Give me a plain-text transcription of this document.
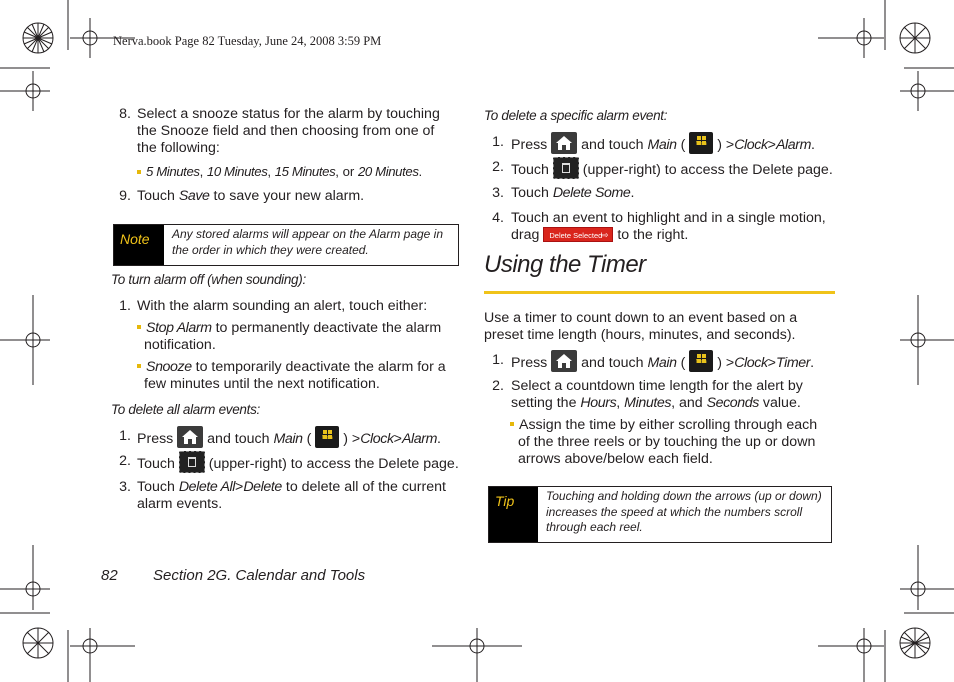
Nerva.book Page 82 Tuesday, June 24, 2008 3:59 PM
8. Select a snooze status for the alarm by touching
the Snooze field and then choosing from one of
the following:
5 Minutes, 10 Minutes, 15 Minutes, or 20 Minutes.
9. Touch Save to save your new alarm.
Note	Any stored alarms will appear on the Alarm page in
the order in which they were created.
To turn alarm off (when sounding):
1. With the alarm sounding an alert, touch either:
Stop Alarm to permanently deactivate the alarm
notification.
Snooze to temporarily deactivate the alarm for a
few minutes until the next notification.
To delete all alarm events:
1. Press and touch Main (	Main ) >Clock>Alarm.
2. Touch (upper-right) to access the Delete page.
3. Touch Delete All>Delete to delete all of the current
alarm events.
To delete a specific alarm event:
1. Press and touch Main (	Main ) >Clock>Alarm.
2. Touch (upper-right) to access the Delete page.
3. Touch Delete Some.
4. Touch an event to highlight and in a single motion,
drag Delete Selected
⇨ to the right.
Using the Timer
Use a timer to count down to an event based on a
preset time length (hours, minutes, and seconds).
1. Press and touch Main (	Main ) >Clock>Timer.
2. Select a countdown time length for the alert by
setting the Hours, Minutes, and Seconds value.
Assign the time by either scrolling through each
of the three reels or by touching the up or down
arrows above/below each field.
Tip	Touching and holding down the arrows (up or down)
increases the speed at which the numbers scroll
through each reel.
82 Section 2G. Calendar and Tools
